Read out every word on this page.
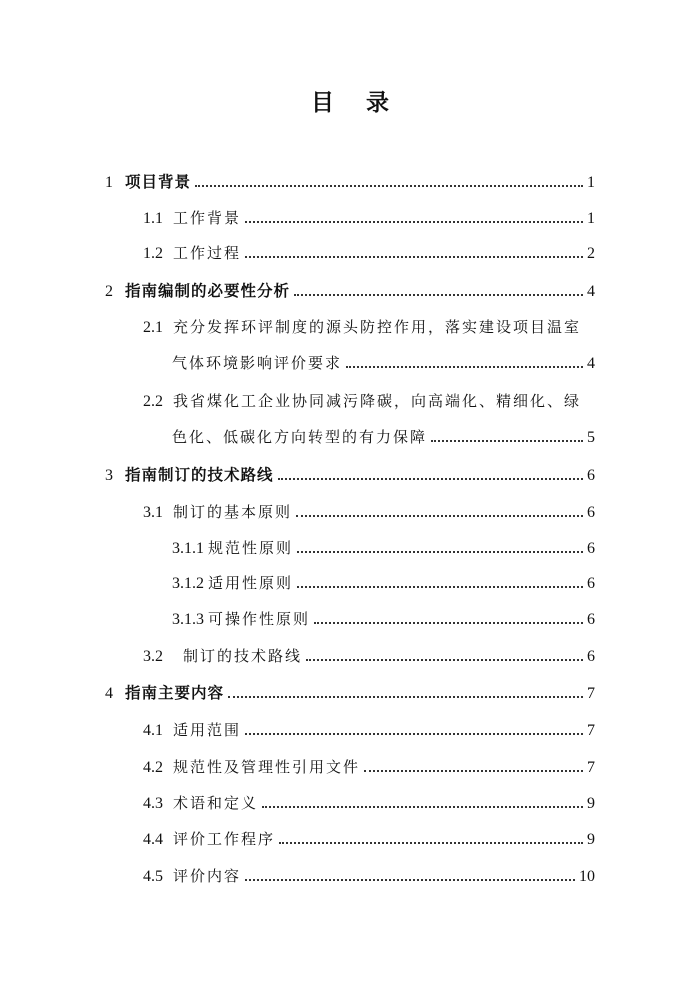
目 录
1 项目背景	1
1.1 工作背景	1
1.2 工作过程	2
2 指南编制的必要性分析	4
2.1 充分发挥环评制度的源头防控作用，落实建设项目温室
气体环境影响评价要求	4
2.2 我省煤化工企业协同减污降碳，向高端化、精细化、绿
色化、低碳化方向转型的有力保障	5
3 指南制订的技术路线	6
3.1 制订的基本原则	6
3.1.1 规范性原则	6
3.1.2 适用性原则	6
3.1.3 可操作性原则	6
3.2 制订的技术路线	6
4 指南主要内容	7
4.1 适用范围	7
4.2 规范性及管理性引用文件	7
4.3 术语和定义	9
4.4 评价工作程序	9
4.5 评价内容	10
